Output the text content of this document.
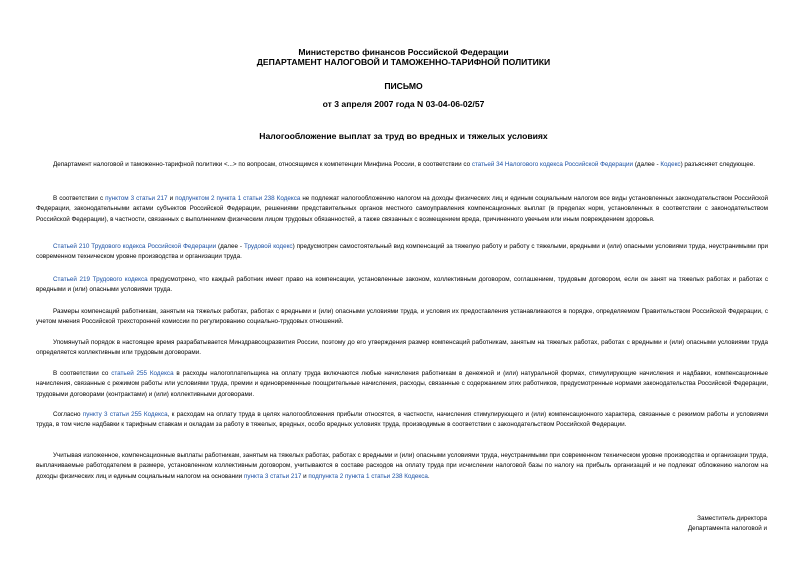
Министерство финансов Российской Федерации
ДЕПАРТАМЕНТ НАЛОГОВОЙ И ТАМОЖЕННО-ТАРИФНОЙ ПОЛИТИКИ
ПИСЬМО
от 3 апреля 2007 года N 03-04-06-02/57
Налогообложение выплат за труд во вредных и тяжелых условиях
Департамент налоговой и таможенно-тарифной политики <...> по вопросам, относящимся к компетенции Минфина России, в соответствии со статьей 34 Налогового кодекса Российской Федерации (далее - Кодекс) разъясняет следующее.
В соответствии с пунктом 3 статьи 217 и подпунктом 2 пункта 1 статьи 238 Кодекса не подлежат налогообложению налогом на доходы физических лиц и единым социальным налогом все виды установленных законодательством Российской Федерации, законодательными актами субъектов Российской Федерации, решениями представительных органов местного самоуправления компенсационных выплат (в пределах норм, установленных в соответствии с законодательством Российской Федерации), в частности, связанных с выполнением физическим лицом трудовых обязанностей, а также связанных с возмещением вреда, причиненного увечьем или иным повреждением здоровья.
Статьей 210 Трудового кодекса Российской Федерации (далее - Трудовой кодекс) предусмотрен самостоятельный вид компенсаций за тяжелую работу и работу с тяжелыми, вредными и (или) опасными условиями труда, неустранимыми при современном техническом уровне производства и организации труда.
Статьей 219 Трудового кодекса предусмотрено, что каждый работник имеет право на компенсации, установленные законом, коллективным договором, соглашением, трудовым договором, если он занят на тяжелых работах и работах с вредными и (или) опасными условиями труда.
Размеры компенсаций работникам, занятым на тяжелых работах, работах с вредными и (или) опасными условиями труда, и условия их предоставления устанавливаются в порядке, определяемом Правительством Российской Федерации, с учетом мнения Российской трехсторонней комиссии по регулированию социально-трудовых отношений.
Упомянутый порядок в настоящее время разрабатывается Минздравсоцразвития России, поэтому до его утверждения размер компенсаций работникам, занятым на тяжелых работах, работах с вредными и (или) опасными условиями труда определяется коллективным или трудовым договорами.
В соответствии со статьей 255 Кодекса в расходы налогоплательщика на оплату труда включаются любые начисления работникам в денежной и (или) натуральной формах, стимулирующие начисления и надбавки, компенсационные начисления, связанные с режимом работы или условиями труда, премии и единовременные поощрительные начисления, расходы, связанные с содержанием этих работников, предусмотренные нормами законодательства Российской Федерации, трудовыми договорами (контрактами) и (или) коллективными договорами.
Согласно пункту 3 статьи 255 Кодекса, к расходам на оплату труда в целях налогообложения прибыли относятся, в частности, начисления стимулирующего и (или) компенсационного характера, связанные с режимом работы и условиями труда, в том числе надбавки к тарифным ставкам и окладам за работу в тяжелых, вредных, особо вредных условиях труда, производимые в соответствии с законодательством Российской Федерации.
Учитывая изложенное, компенсационные выплаты работникам, занятым на тяжелых работах, работах с вредными и (или) опасными условиями труда, неустранимыми при современном техническом уровне производства и организации труда, выплачиваемые работодателем в размере, установленном коллективным договором, учитываются в составе расходов на оплату труда при исчислении налоговой базы по налогу на прибыль организаций и не подлежат обложению налогом на доходы физических лиц и единым социальным налогом на основании пункта 3 статьи 217 и подпункта 2 пункта 1 статьи 238 Кодекса.
Заместитель директора
Департамента налоговой и
